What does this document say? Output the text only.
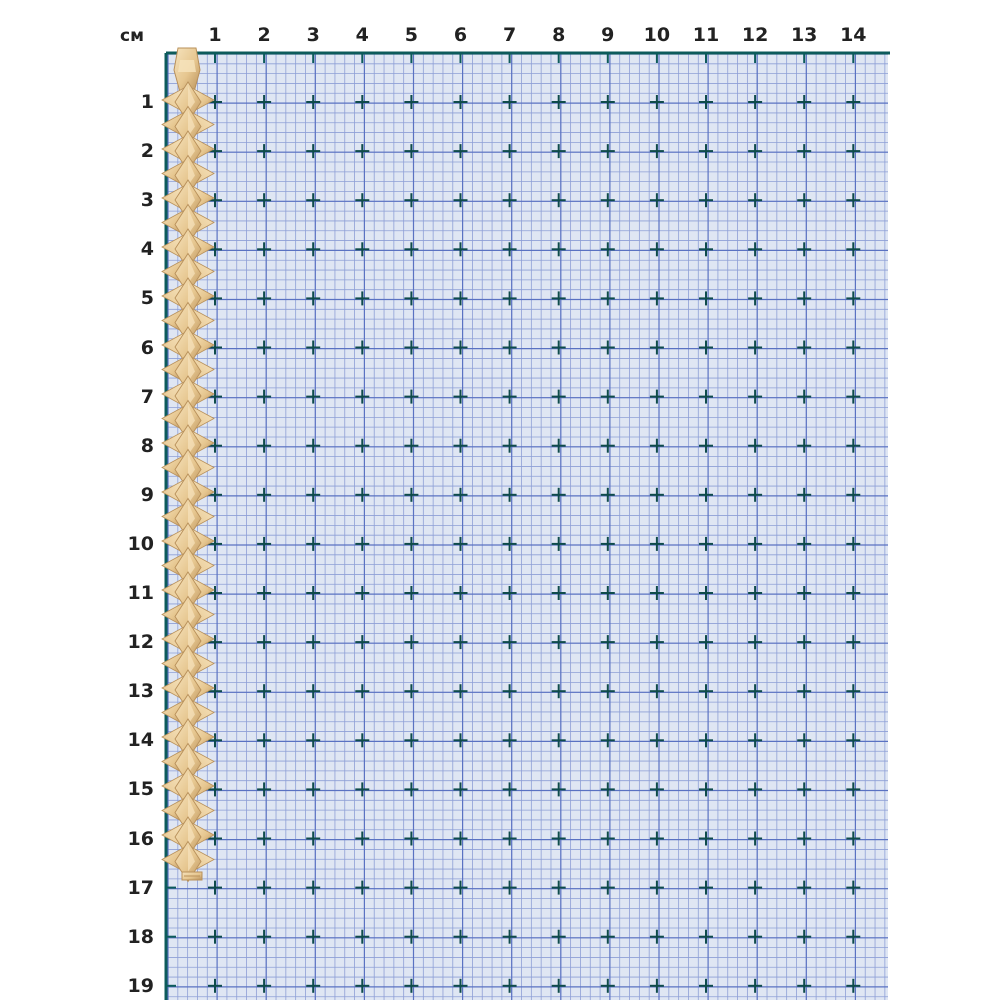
см	1	2	3	4	5	6	7	8	9	10	11	12	13	14
1
2
3
4
5
6
7
8
9
10
11
12
13
14
15
16
17
18
19
